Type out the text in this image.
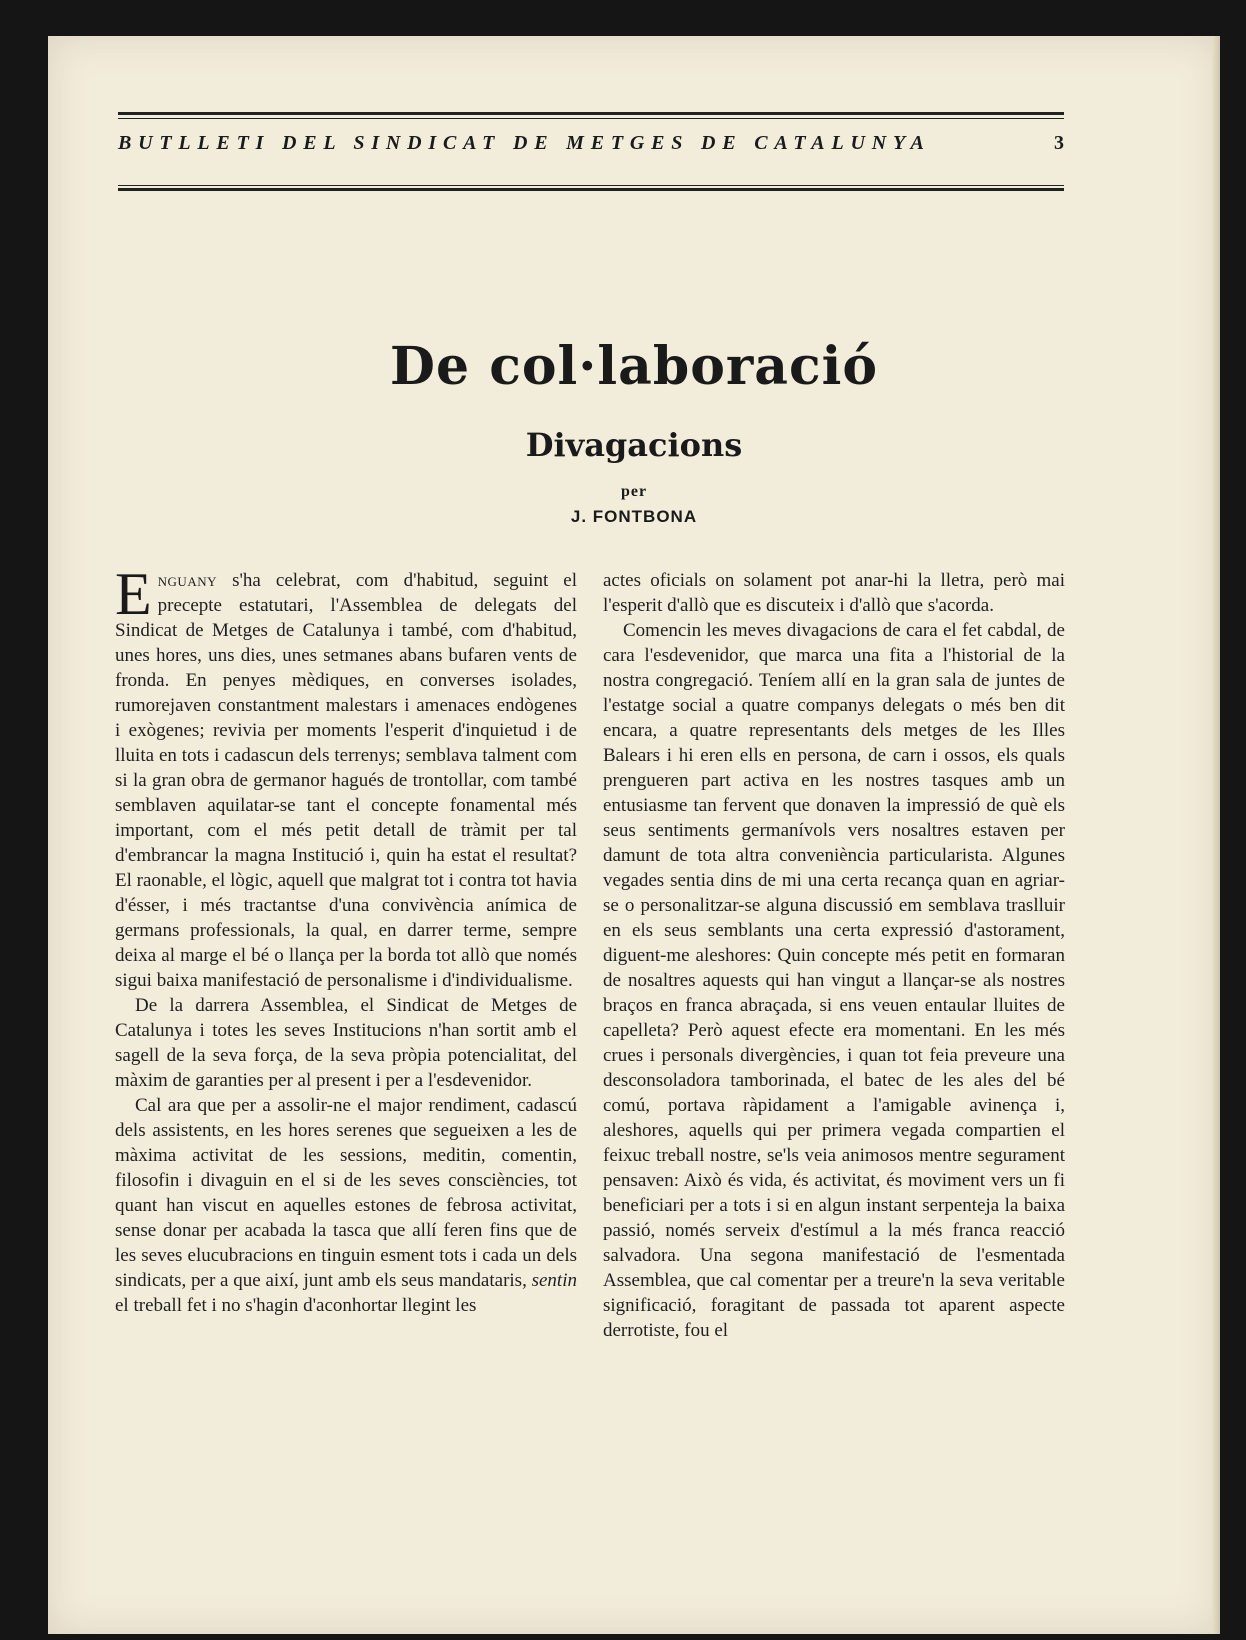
BUTLLETI DEL SINDICAT DE METGES DE CATALUNYA	3
De col·laboració
Divagacions
per
J. FONTBONA

Enguany s'ha celebrat, com d'habitud, seguint el precepte estatutari, l'Assemblea de delegats del Sindicat de Metges de Catalunya i també, com d'habitud, unes hores, uns dies, unes setmanes abans bufaren vents de fronda. En penyes mèdiques, en converses isolades, rumorejaven constantment malestars i amenaces endògenes i exògenes; revivia per moments l'esperit d'inquietud i de lluita en tots i cadascun dels terrenys; semblava talment com si la gran obra de germanor hagués de trontollar, com també semblaven aquilatar-se tant el concepte fonamental més important, com el més petit detall de tràmit per tal d'embrancar la magna Institució i, quin ha estat el resultat? El raonable, el lògic, aquell que malgrat tot i contra tot havia d'ésser, i més tractantse d'una convivència anímica de germans professionals, la qual, en darrer terme, sempre deixa al marge el bé o llança per la borda tot allò que només sigui baixa manifestació de personalisme i d'individualisme.

De la darrera Assemblea, el Sindicat de Metges de Catalunya i totes les seves Institucions n'han sortit amb el sagell de la seva força, de la seva pròpia potencialitat, del màxim de garanties per al present i per a l'esdevenidor.

Cal ara que per a assolir-ne el major rendiment, cadascú dels assistents, en les hores serenes que segueixen a les de màxima activitat de les sessions, meditin, comentin, filosofin i divaguin en el si de les seves consciències, tot quant han viscut en aquelles estones de febrosa activitat, sense donar per acabada la tasca que allí feren fins que de les seves elucubracions en tinguin esment tots i cada un dels sindicats, per a que així, junt amb els seus mandataris, sentin el treball fet i no s'hagin d'aconhortar llegint les

actes oficials on solament pot anar-hi la lletra, però mai l'esperit d'allò que es discuteix i d'allò que s'acorda.

Comencin les meves divagacions de cara el fet cabdal, de cara l'esdevenidor, que marca una fita a l'historial de la nostra congregació. Teníem allí en la gran sala de juntes de l'estatge social a quatre companys delegats o més ben dit encara, a quatre representants dels metges de les Illes Balears i hi eren ells en persona, de carn i ossos, els quals prengueren part activa en les nostres tasques amb un entusiasme tan fervent que donaven la impressió de què els seus sentiments germanívols vers nosaltres estaven per damunt de tota altra conveniència particularista. Algunes vegades sentia dins de mi una certa recança quan en agriar-se o personalitzar-se alguna discussió em semblava traslluir en els seus semblants una certa expressió d'astorament, diguent-me aleshores: Quin concepte més petit en formaran de nosaltres aquests qui han vingut a llançar-se als nostres braços en franca abraçada, si ens veuen entaular lluites de capelleta? Però aquest efecte era momentani. En les més crues i personals divergències, i quan tot feia preveure una desconsoladora tamborinada, el batec de les ales del bé comú, portava ràpidament a l'amigable avinença i, aleshores, aquells qui per primera vegada compartien el feixuc treball nostre, se'ls veia animosos mentre segurament pensaven: Això és vida, és activitat, és moviment vers un fi beneficiari per a tots i si en algun instant serpenteja la baixa passió, només serveix d'estímul a la més franca reacció salvadora. Una segona manifestació de l'esmentada Assemblea, que cal comentar per a treure'n la seva veritable significació, foragitant de passada tot aparent aspecte derrotiste, fou el
